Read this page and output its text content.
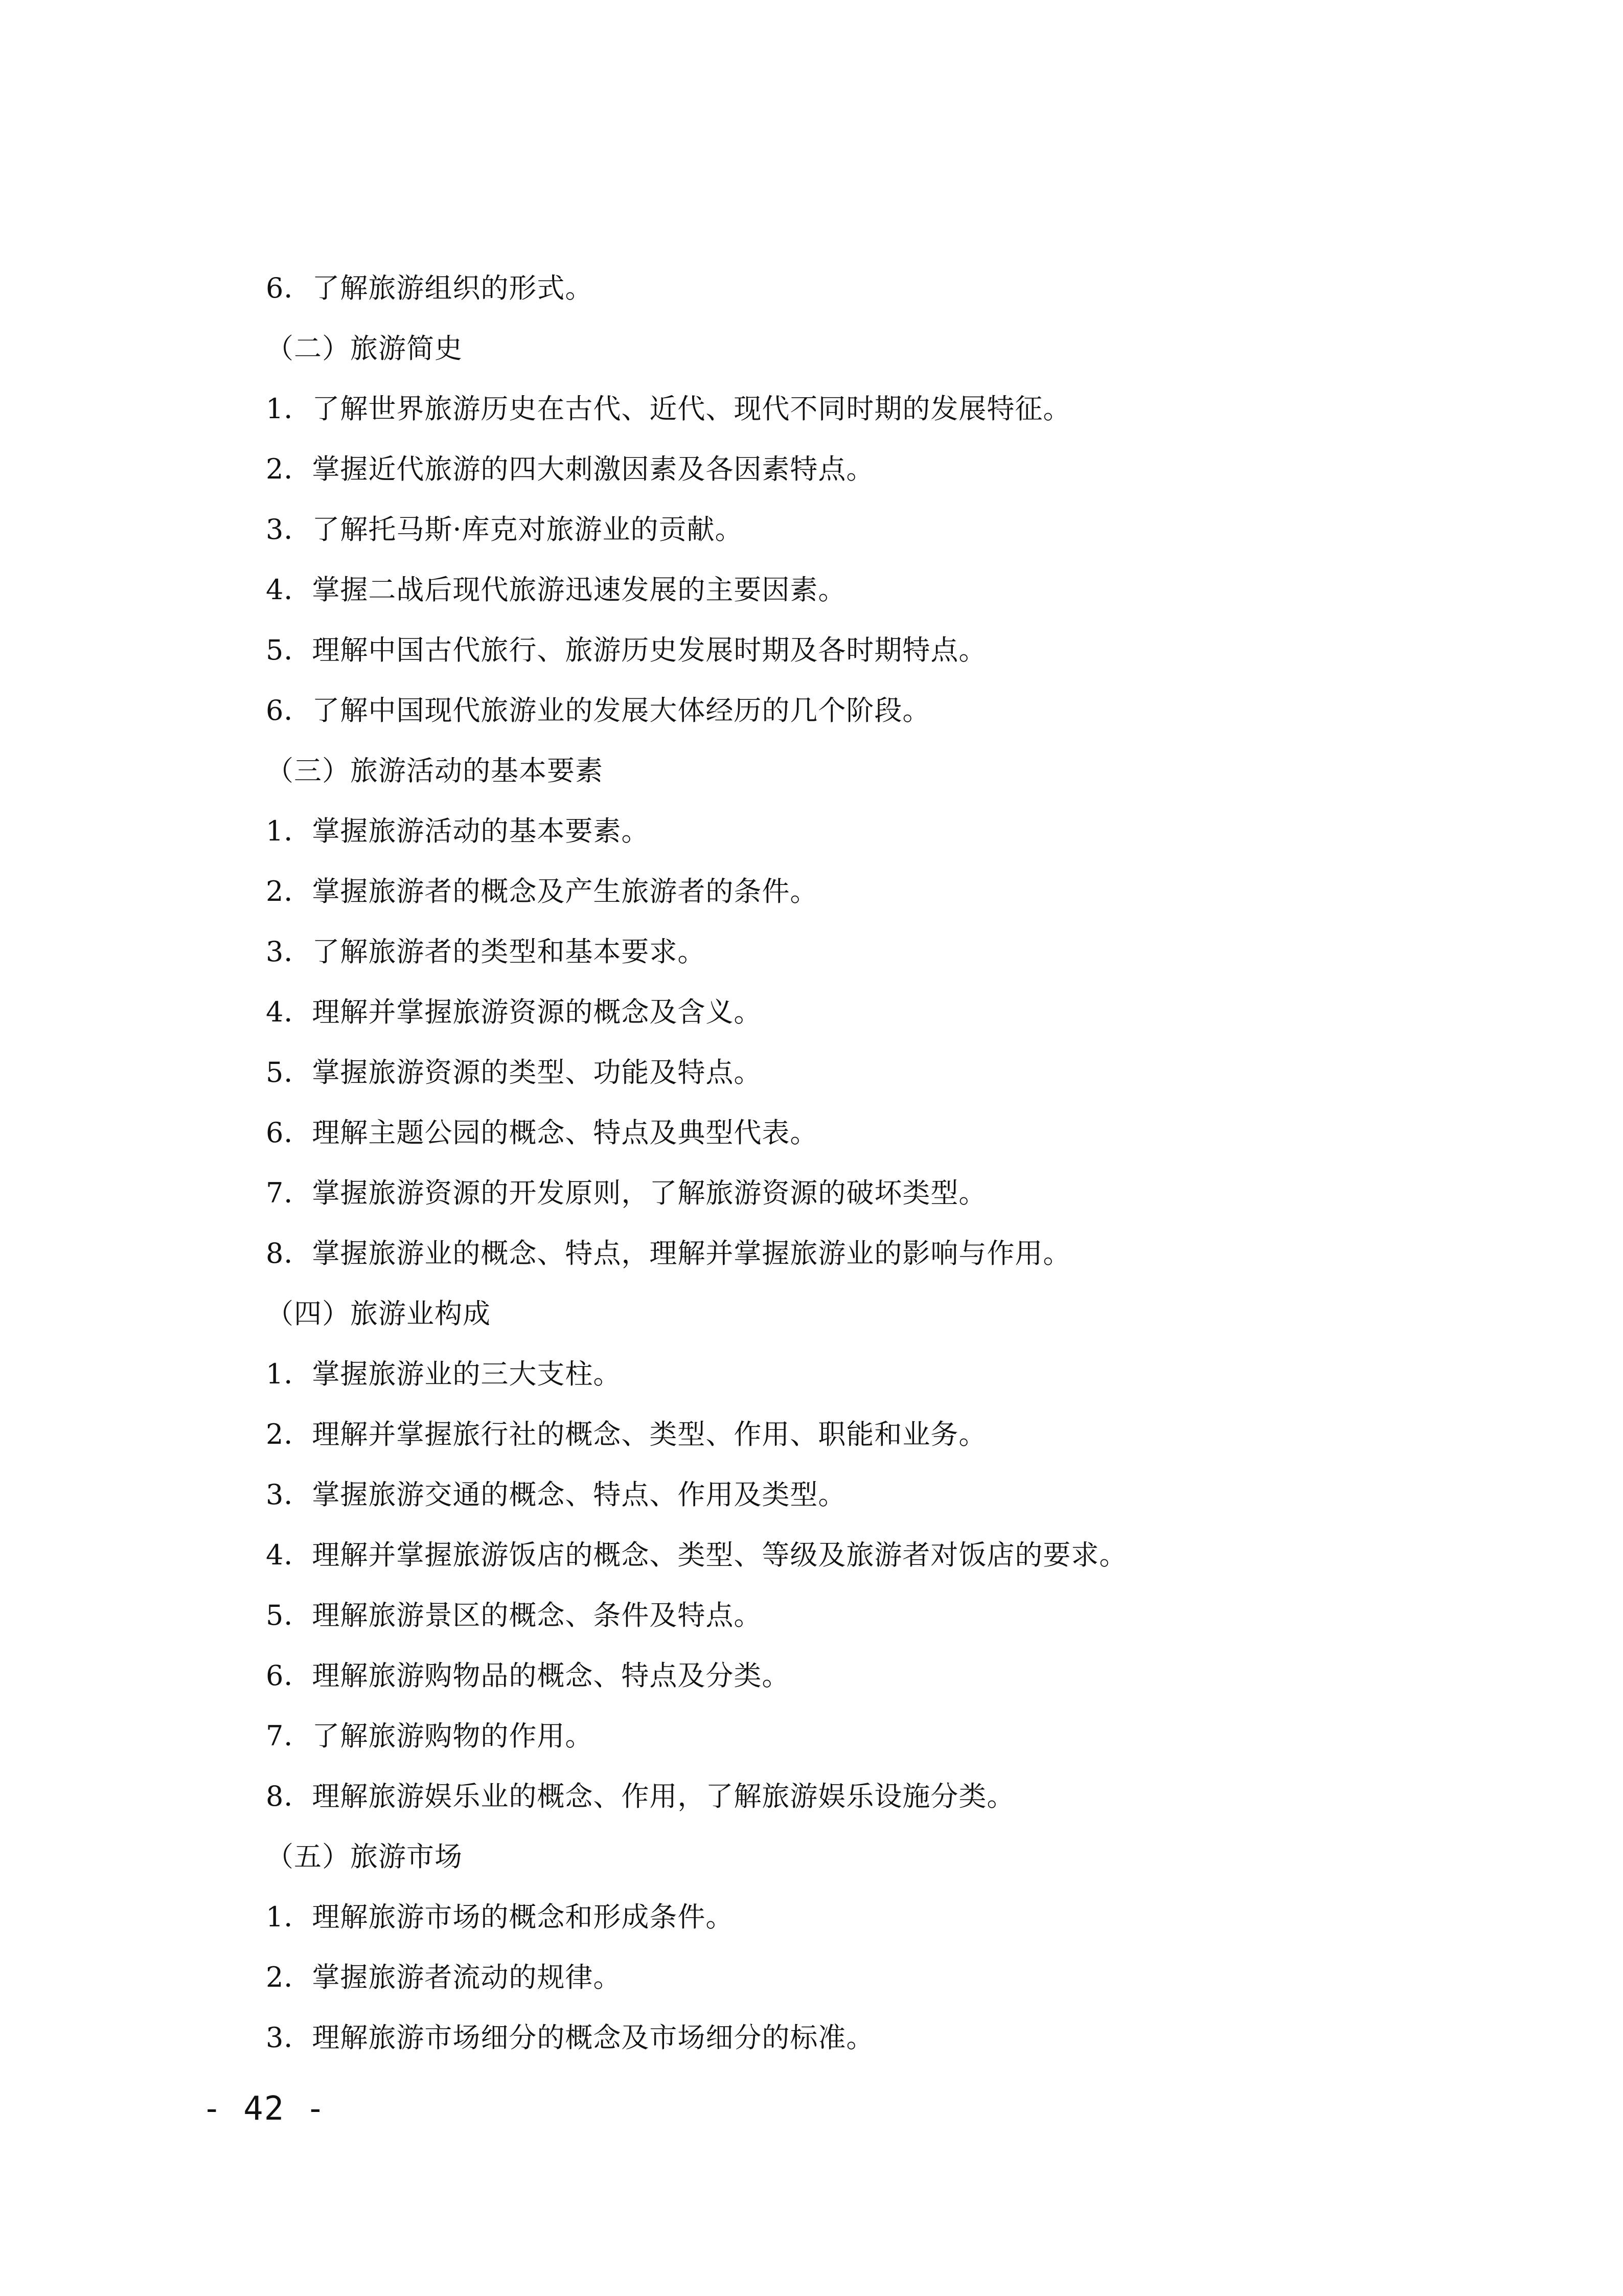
6．了解旅游组织的形式。
（二）旅游简史
1．了解世界旅游历史在古代、近代、现代不同时期的发展特征。
2．掌握近代旅游的四大刺激因素及各因素特点。
3．了解托马斯·库克对旅游业的贡献。
4．掌握二战后现代旅游迅速发展的主要因素。
5．理解中国古代旅行、旅游历史发展时期及各时期特点。
6．了解中国现代旅游业的发展大体经历的几个阶段。
（三）旅游活动的基本要素
1．掌握旅游活动的基本要素。
2．掌握旅游者的概念及产生旅游者的条件。
3．了解旅游者的类型和基本要求。
4．理解并掌握旅游资源的概念及含义。
5．掌握旅游资源的类型、功能及特点。
6．理解主题公园的概念、特点及典型代表。
7．掌握旅游资源的开发原则，了解旅游资源的破坏类型。
8．掌握旅游业的概念、特点，理解并掌握旅游业的影响与作用。
（四）旅游业构成
1．掌握旅游业的三大支柱。
2．理解并掌握旅行社的概念、类型、作用、职能和业务。
3．掌握旅游交通的概念、特点、作用及类型。
4．理解并掌握旅游饭店的概念、类型、等级及旅游者对饭店的要求。
5．理解旅游景区的概念、条件及特点。
6．理解旅游购物品的概念、特点及分类。
7．了解旅游购物的作用。
8．理解旅游娱乐业的概念、作用，了解旅游娱乐设施分类。
（五）旅游市场
1．理解旅游市场的概念和形成条件。
2．掌握旅游者流动的规律。
3．理解旅游市场细分的概念及市场细分的标准。
- 42 -
